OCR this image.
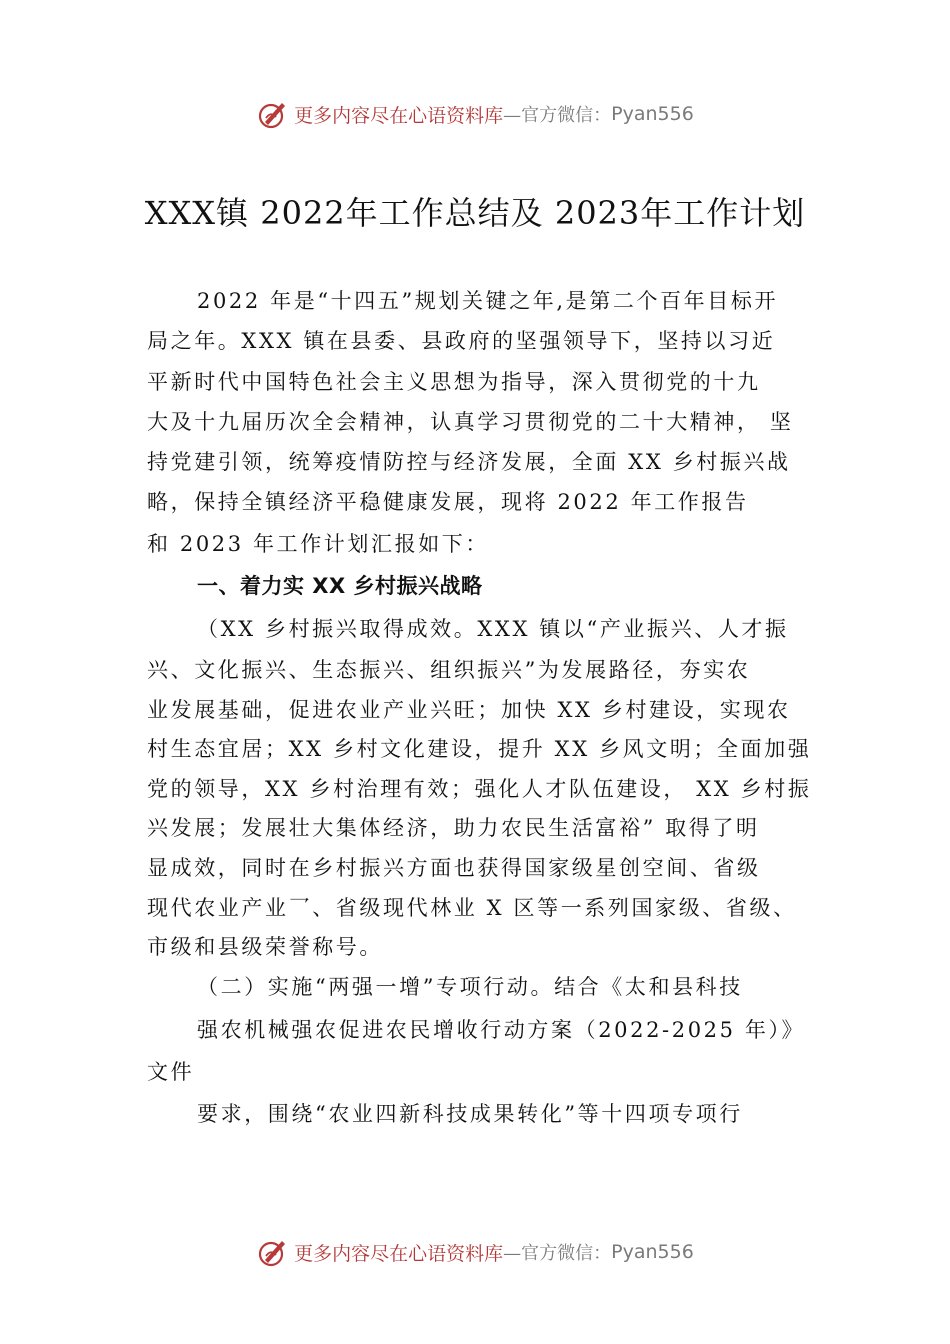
更多内容尽在心语资料库 —官方微信： Pyan556
XXX镇 2022年工作总结及 2023年工作计划
2022 年是“十四五”规划关键之年,是第二个百年目标开
局之年。XXX 镇在县委、县政府的坚强领导下，坚持以习近
平新时代中国特色社会主义思想为指导，深入贯彻党的十九
大及十九届历次全会精神，认真学习贯彻党的二十大精神， 坚
持党建引领，统筹疫情防控与经济发展，全面 XX 乡村振兴战
略，保持全镇经济平稳健康发展，现将 2022 年工作报告
和 2023 年工作计划汇报如下：
一、着力实 XX 乡村振兴战略
（XX 乡村振兴取得成效。XXX 镇以“产业振兴、人才振
兴、文化振兴、生态振兴、组织振兴”为发展路径，夯实农
业发展基础，促进农业产业兴旺；加快 XX 乡村建设，实现农
村生态宜居；XX 乡村文化建设，提升 XX 乡风文明；全面加强
党的领导，XX 乡村治理有效；强化人才队伍建设， XX 乡村振
兴发展；发展壮大集体经济，助力农民生活富裕” 取得了明
显成效，同时在乡村振兴方面也获得国家级星创空间、省级
现代农业产业⺂、省级现代林业 X 区等一系列国家级、省级、
市级和县级荣誉称号。
（二）实施“两强一增”专项行动。结合《太和县科技
强农机械强农促进农民增收行动方案（2022-2025 年）》
文件
要求，围绕“农业四新科技成果转化”等十四项专项行
更多内容尽在心语资料库 —官方微信： Pyan556
